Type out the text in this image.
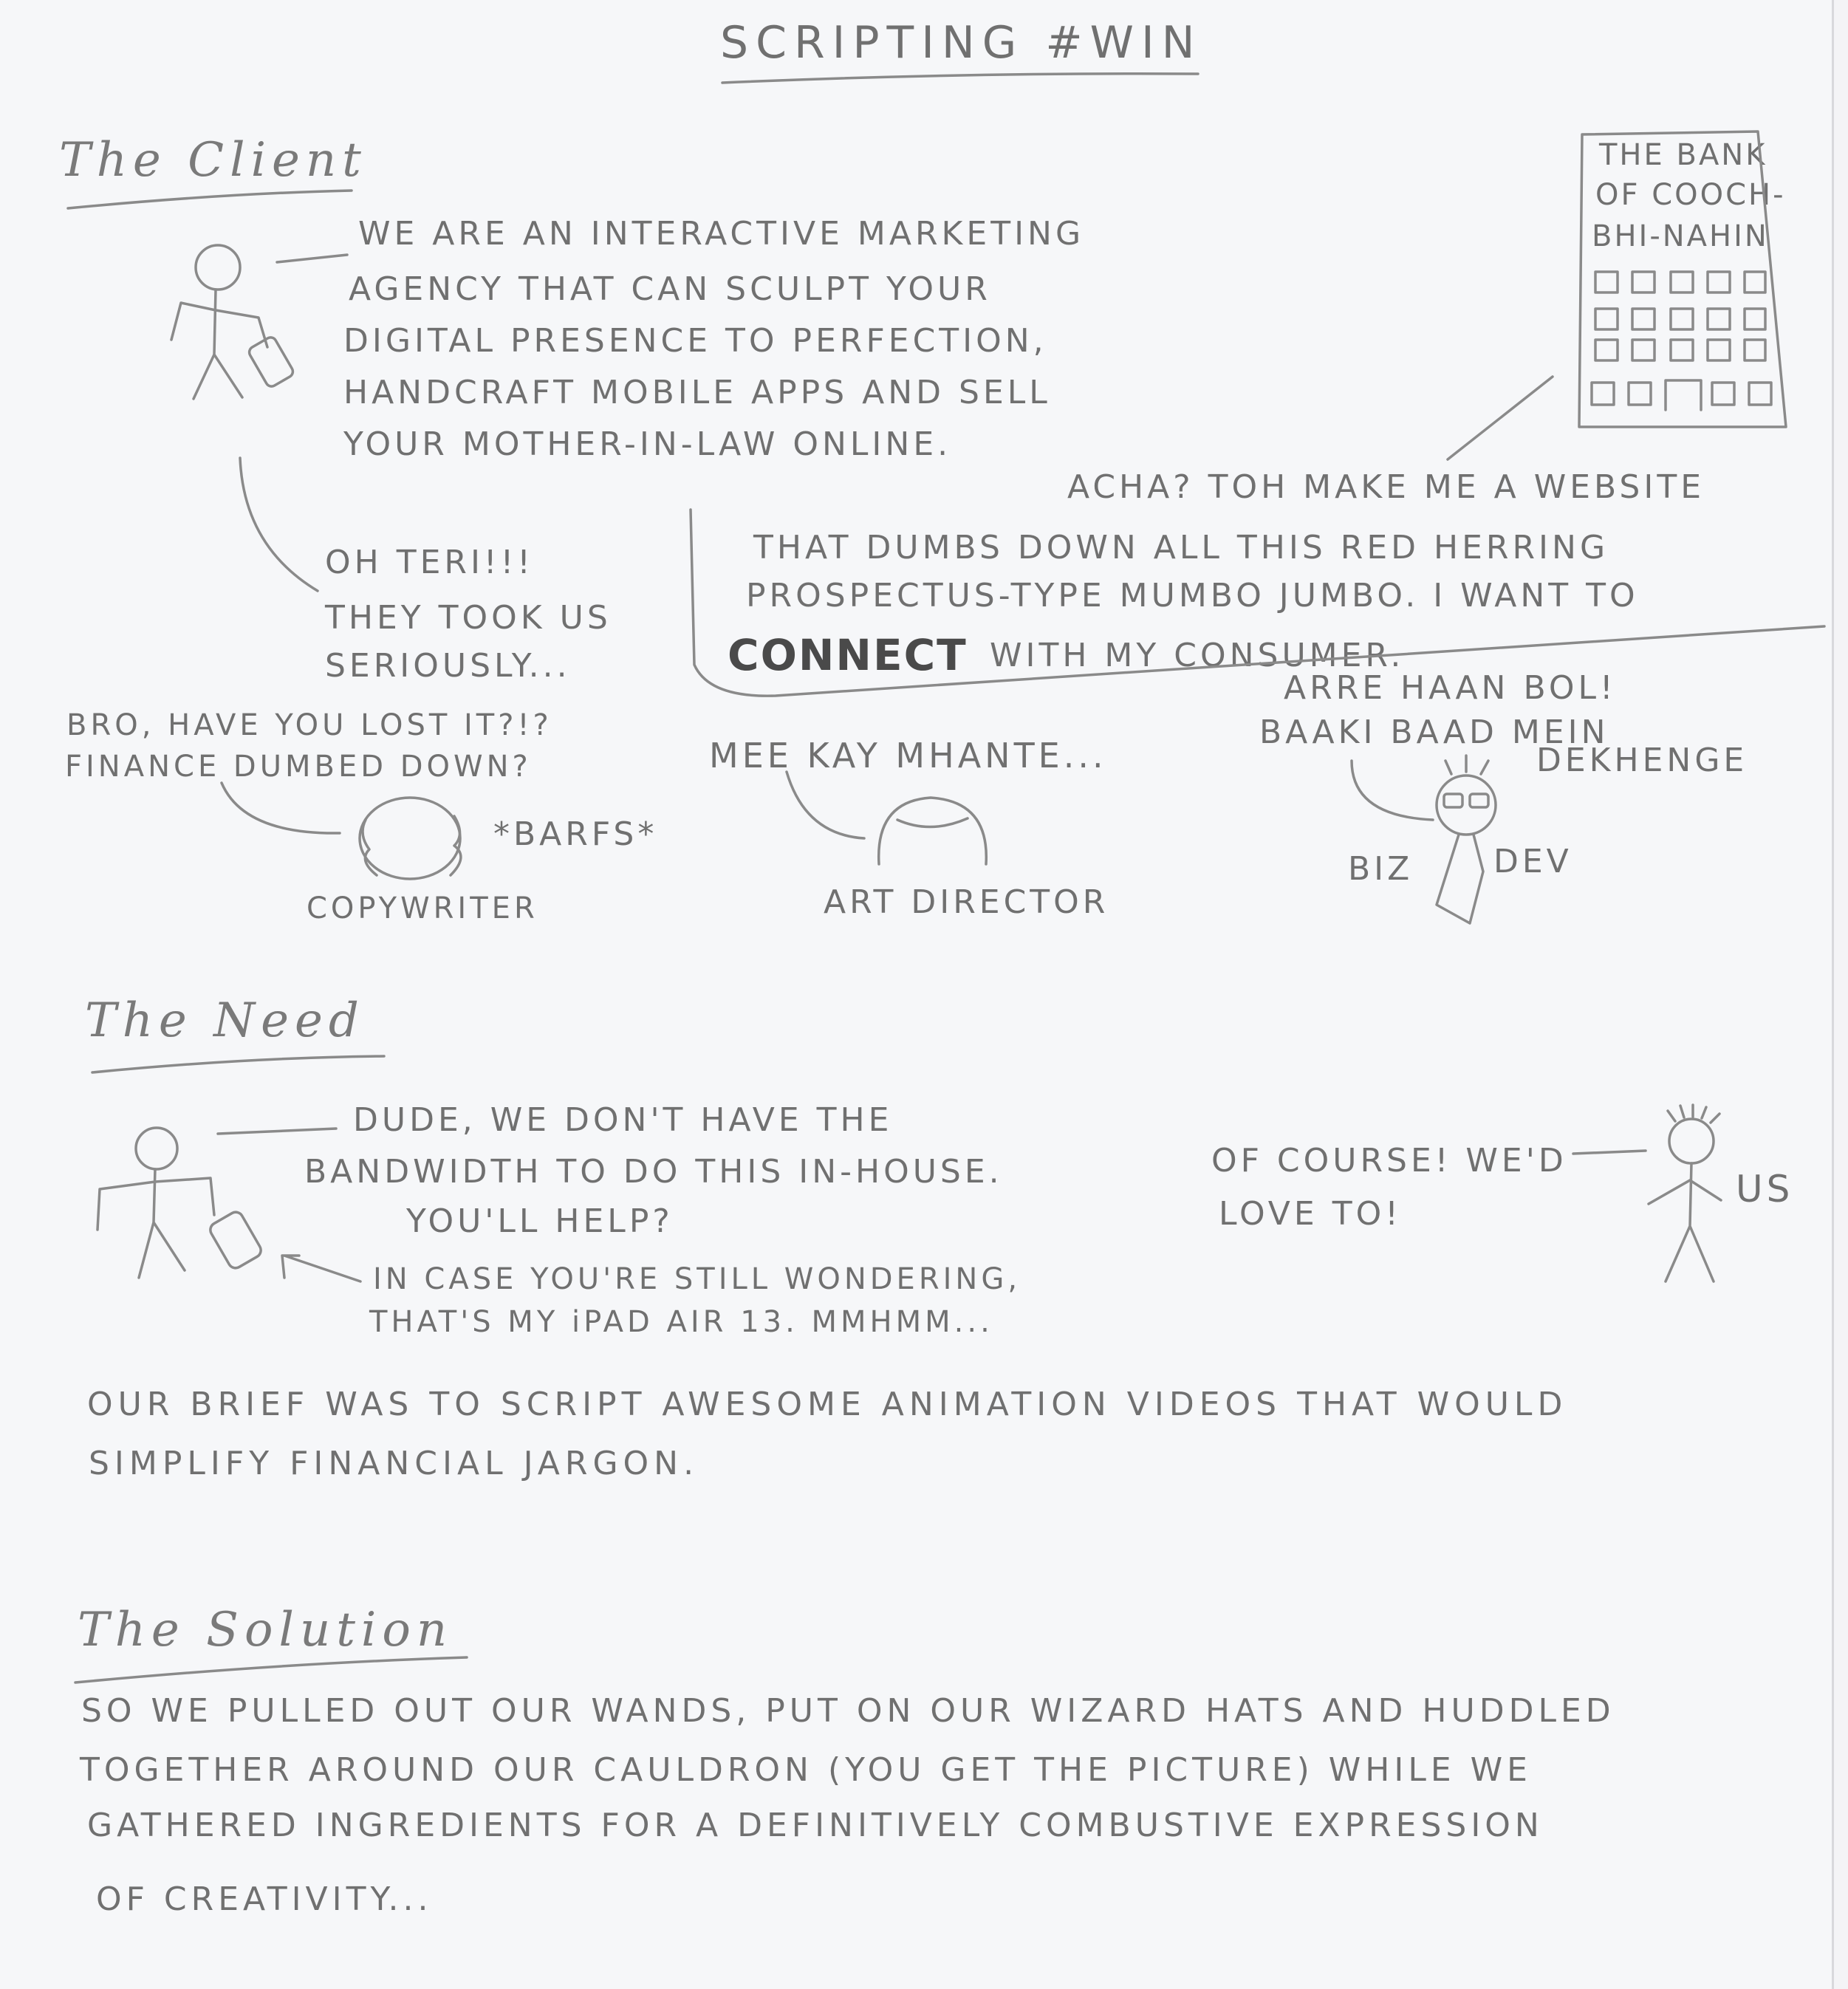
SCRIPTING #WIN
The Client
The Need
The Solution
WE ARE AN INTERACTIVE MARKETING
AGENCY THAT CAN SCULPT YOUR
DIGITAL PRESENCE TO PERFECTION,
HANDCRAFT MOBILE APPS AND SELL
YOUR MOTHER-IN-LAW ONLINE.
THE BANK
OF COOCH-
BHI-NAHIN
ACHA? TOH MAKE ME A WEBSITE
THAT DUMBS DOWN ALL THIS RED HERRING
PROSPECTUS-TYPE MUMBO JUMBO. I WANT TO
CONNECT WITH MY CONSUMER.
OH TERI!!!
THEY TOOK US
SERIOUSLY...
BRO, HAVE YOU LOST IT?!?
FINANCE DUMBED DOWN?
*BARFS*
COPYWRITER
MEE KAY MHANTE...
ART DIRECTOR
ARRE HAAN BOL!
BAAKI BAAD MEIN
DEKHENGE
BIZ DEV
DUDE, WE DON'T HAVE THE
BANDWIDTH TO DO THIS IN-HOUSE.
YOU'LL HELP?
IN CASE YOU'RE STILL WONDERING,
THAT'S MY iPAD AIR 13. MMHMM...
OF COURSE! WE'D
LOVE TO!
US
OUR BRIEF WAS TO SCRIPT AWESOME ANIMATION VIDEOS THAT WOULD
SIMPLIFY FINANCIAL JARGON.
SO WE PULLED OUT OUR WANDS, PUT ON OUR WIZARD HATS AND HUDDLED
TOGETHER AROUND OUR CAULDRON (YOU GET THE PICTURE) WHILE WE
GATHERED INGREDIENTS FOR A DEFINITIVELY COMBUSTIVE EXPRESSION
OF CREATIVITY...
